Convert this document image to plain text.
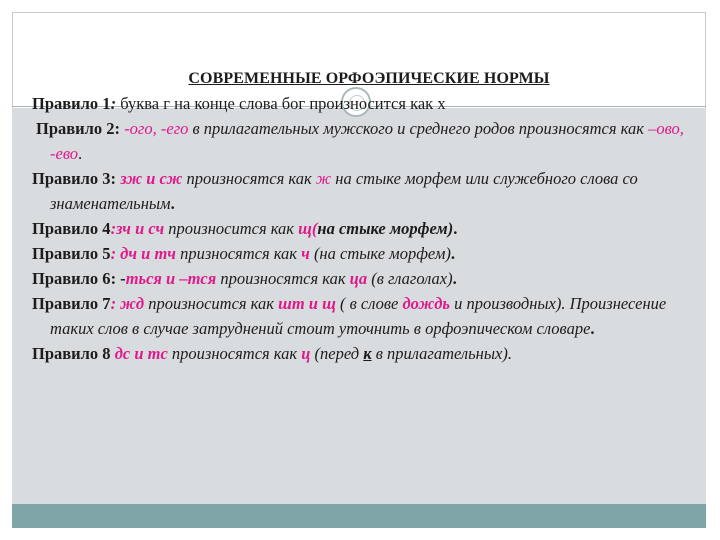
СОВРЕМЕННЫЕ ОРФОЭПИЧЕСКИЕ НОРМЫ

Правило 1: буква г на конце слова бог произносится как х

Правило 2: -ого, -его в прилагательных мужского и среднего родов произносятся как –ово, -ево.

Правило 3: зж и сж произносятся как ж на стыке морфем или служебного слова со знаменательным.

Правило 4:зч и сч произносится как щ(на стыке морфем).

Правило 5: дч и тч призносятся как ч (на стыке морфем).

Правило 6: -ться и –тся произносятся как ца (в глаголах).

Правило 7: жд произносится как шт и щ ( в слове дождь и производных). Произнесение таких слов в случае затруднений стоит уточнить в орфоэпическом словаре.

Правило 8 дс и тс произносятся как ц (перед к в прилагательных).
